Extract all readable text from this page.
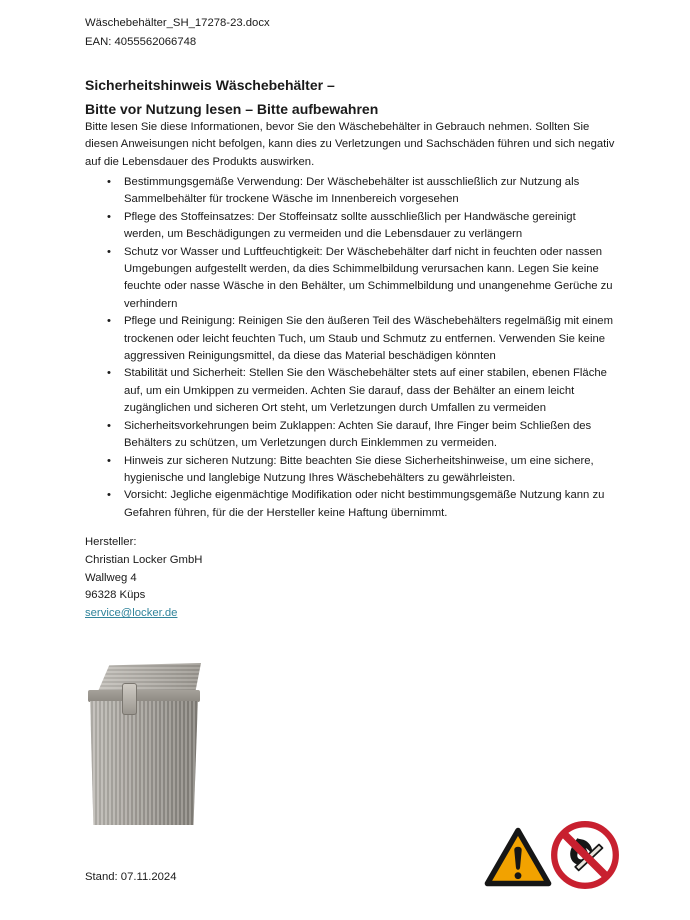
Wäschebehälter_SH_17278-23.docx
EAN: 4055562066748
Sicherheitshinweis Wäschebehälter –
Bitte vor Nutzung lesen – Bitte aufbewahren
Bitte lesen Sie diese Informationen, bevor Sie den Wäschebehälter in Gebrauch nehmen. Sollten Sie diesen Anweisungen nicht befolgen, kann dies zu Verletzungen und Sachschäden führen und sich negativ auf die Lebensdauer des Produkts auswirken.
• Bestimmungsgemäße Verwendung: Der Wäschebehälter ist ausschließlich zur Nutzung als Sammelbehälter für trockene Wäsche im Innenbereich vorgesehen
• Pflege des Stoffeinsatzes: Der Stoffeinsatz sollte ausschließlich per Handwäsche gereinigt werden, um Beschädigungen zu vermeiden und die Lebensdauer zu verlängern
• Schutz vor Wasser und Luftfeuchtigkeit: Der Wäschebehälter darf nicht in feuchten oder nassen Umgebungen aufgestellt werden, da dies Schimmelbildung verursachen kann. Legen Sie keine feuchte oder nasse Wäsche in den Behälter, um Schimmelbildung und unangenehme Gerüche zu verhindern
• Pflege und Reinigung: Reinigen Sie den äußeren Teil des Wäschebehälters regelmäßig mit einem trockenen oder leicht feuchten Tuch, um Staub und Schmutz zu entfernen. Verwenden Sie keine aggressiven Reinigungsmittel, da diese das Material beschädigen könnten
• Stabilität und Sicherheit: Stellen Sie den Wäschebehälter stets auf einer stabilen, ebenen Fläche auf, um ein Umkippen zu vermeiden. Achten Sie darauf, dass der Behälter an einem leicht zugänglichen und sicheren Ort steht, um Verletzungen durch Umfallen zu vermeiden
• Sicherheitsvorkehrungen beim Zuklappen: Achten Sie darauf, Ihre Finger beim Schließen des Behälters zu schützen, um Verletzungen durch Einklemmen zu vermeiden.
• Hinweis zur sicheren Nutzung: Bitte beachten Sie diese Sicherheitshinweise, um eine sichere, hygienische und langlebige Nutzung Ihres Wäschebehälters zu gewährleisten.
• Vorsicht: Jegliche eigenmächtige Modifikation oder nicht bestimmungsgemäße Nutzung kann zu Gefahren führen, für die der Hersteller keine Haftung übernimmt.
Hersteller:
Christian Locker GmbH
Wallweg 4
96328 Küps
service@locker.de
Stand: 07.11.2024
